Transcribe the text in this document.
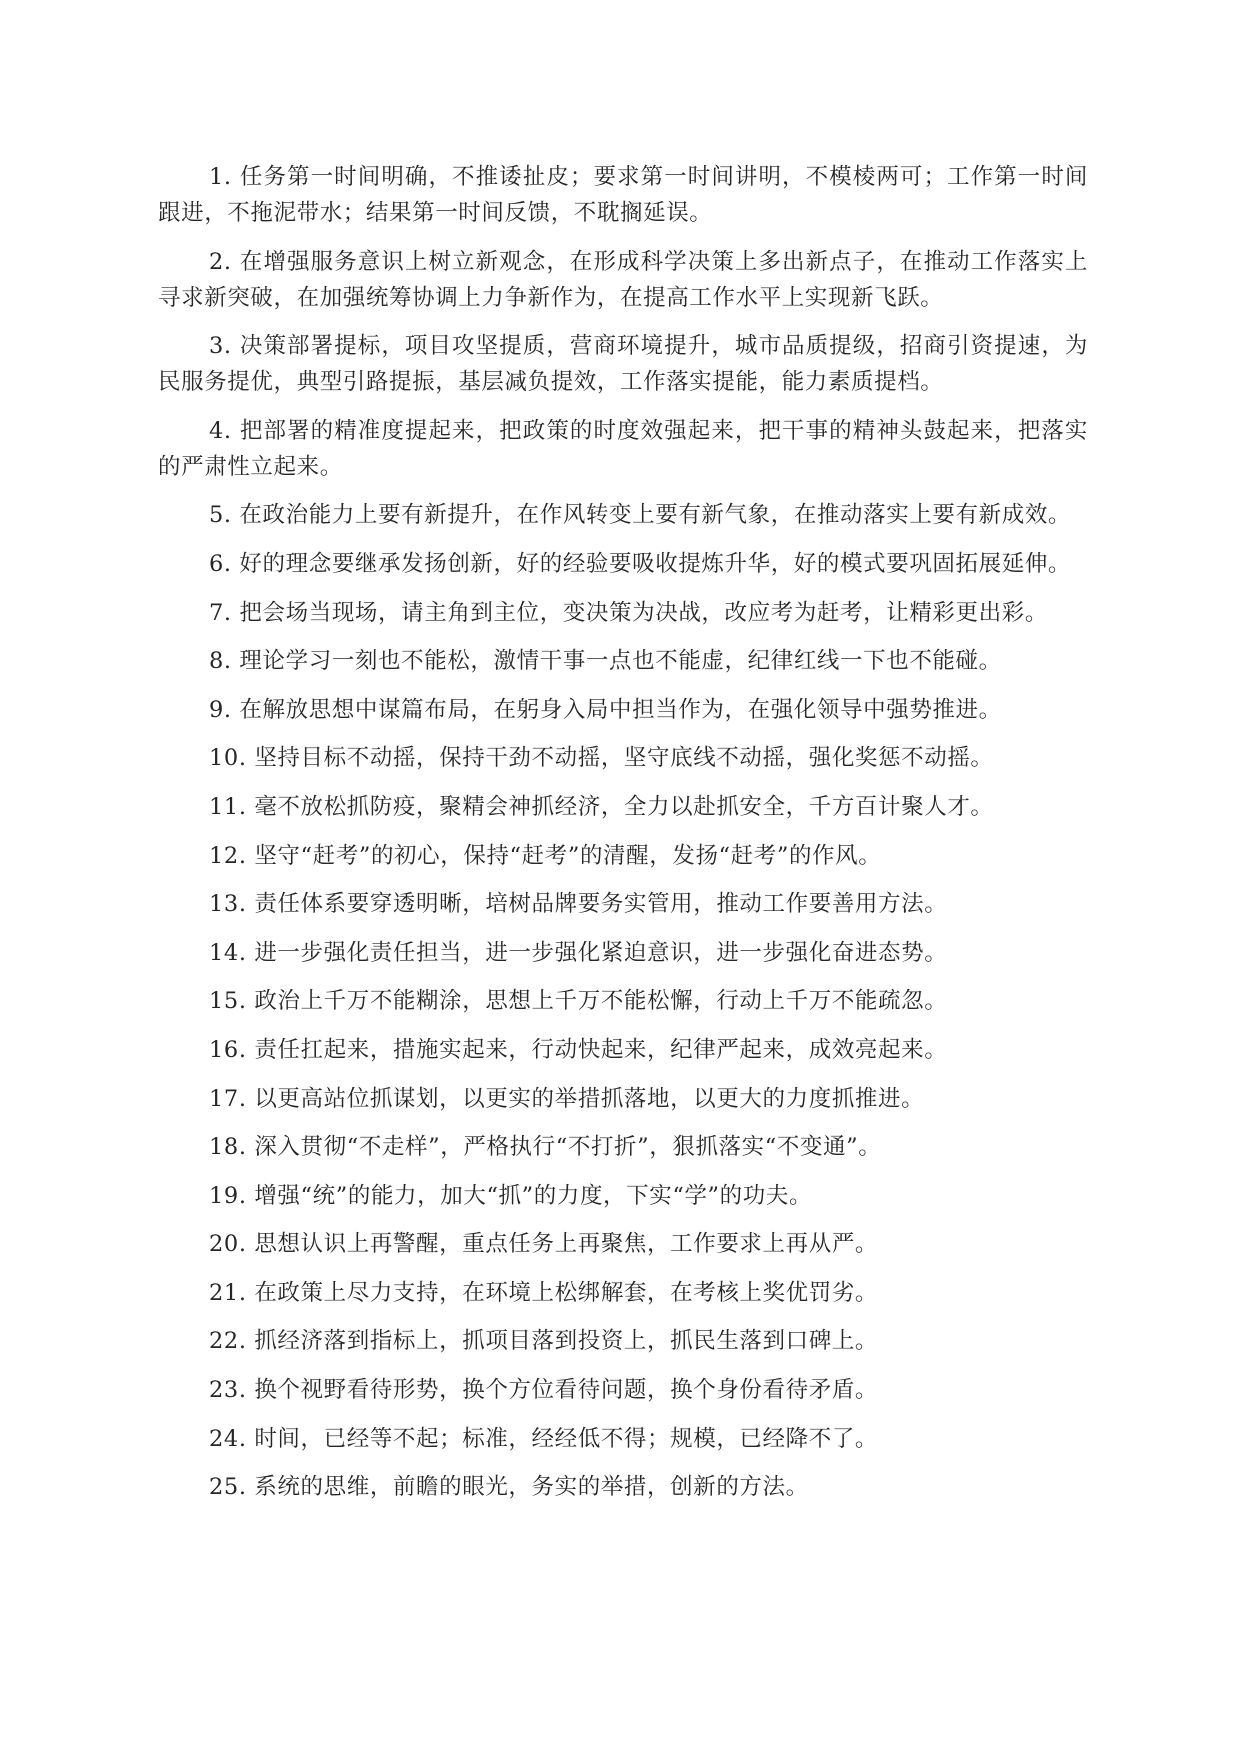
1. 任务第一时间明确，不推诿扯皮；要求第一时间讲明，不模棱两可；工作第一时间跟进，不拖泥带水；结果第一时间反馈，不耽搁延误。

2. 在增强服务意识上树立新观念，在形成科学决策上多出新点子，在推动工作落实上寻求新突破，在加强统筹协调上力争新作为，在提高工作水平上实现新飞跃。

3. 决策部署提标，项目攻坚提质，营商环境提升，城市品质提级，招商引资提速，为民服务提优，典型引路提振，基层减负提效，工作落实提能，能力素质提档。

4. 把部署的精准度提起来，把政策的时度效强起来，把干事的精神头鼓起来，把落实的严肃性立起来。

5. 在政治能力上要有新提升，在作风转变上要有新气象，在推动落实上要有新成效。

6. 好的理念要继承发扬创新，好的经验要吸收提炼升华，好的模式要巩固拓展延伸。

7. 把会场当现场，请主角到主位，变决策为决战，改应考为赶考，让精彩更出彩。

8. 理论学习一刻也不能松，激情干事一点也不能虚，纪律红线一下也不能碰。

9. 在解放思想中谋篇布局，在躬身入局中担当作为，在强化领导中强势推进。

10. 坚持目标不动摇，保持干劲不动摇，坚守底线不动摇，强化奖惩不动摇。

11. 毫不放松抓防疫，聚精会神抓经济，全力以赴抓安全，千方百计聚人才。

12. 坚守“赶考”的初心，保持“赶考”的清醒，发扬“赶考”的作风。

13. 责任体系要穿透明晰，培树品牌要务实管用，推动工作要善用方法。

14. 进一步强化责任担当，进一步强化紧迫意识，进一步强化奋进态势。

15. 政治上千万不能糊涂，思想上千万不能松懈，行动上千万不能疏忽。

16. 责任扛起来，措施实起来，行动快起来，纪律严起来，成效亮起来。

17. 以更高站位抓谋划，以更实的举措抓落地，以更大的力度抓推进。

18. 深入贯彻“不走样”，严格执行“不打折”，狠抓落实“不变通”。

19. 增强“统”的能力，加大“抓”的力度，下实“学”的功夫。

20. 思想认识上再警醒，重点任务上再聚焦，工作要求上再从严。

21. 在政策上尽力支持，在环境上松绑解套，在考核上奖优罚劣。

22. 抓经济落到指标上，抓项目落到投资上，抓民生落到口碑上。

23. 换个视野看待形势，换个方位看待问题，换个身份看待矛盾。

24. 时间，已经等不起；标准，经经低不得；规模，已经降不了。

25. 系统的思维，前瞻的眼光，务实的举措，创新的方法。
